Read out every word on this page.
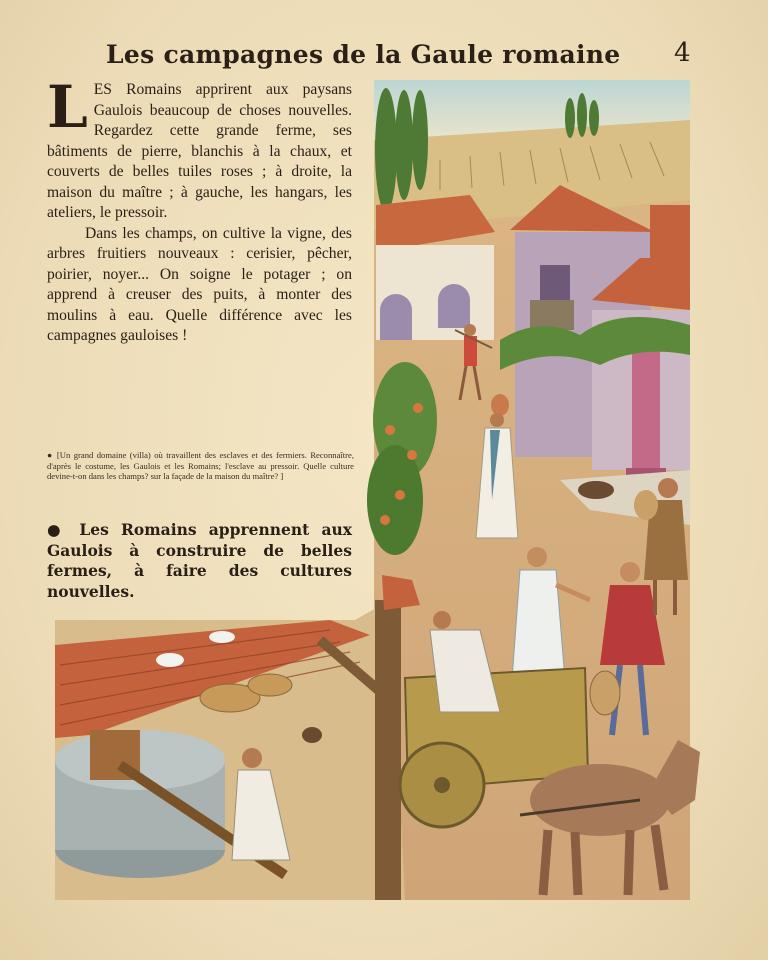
Les campagnes de la Gaule romaine 4

LES Romains apprirent aux paysans Gaulois beaucoup de choses nouvelles. Regardez cette grande ferme, ses bâtiments de pierre, blanchis à la chaux, et couverts de belles tuiles roses ; à droite, la maison du maître ; à gauche, les hangars, les ateliers, le pressoir.

Dans les champs, on cultive la vigne, des arbres fruitiers nouveaux : cerisier, pêcher, poirier, noyer... On soigne le potager ; on apprend à creuser des puits, à monter des moulins à eau. Quelle différence avec les campagnes gauloises !

● [Un grand domaine (villa) où travaillent des esclaves et des fermiers. Reconnaître, d'après le costume, les Gaulois et les Romains; l'esclave au pressoir. Quelle culture devine-t-on dans les champs? sur la façade de la maison du maître? ]
● Les Romains apprennent aux Gaulois à construire de belles fermes, à faire des cultures nouvelles.
